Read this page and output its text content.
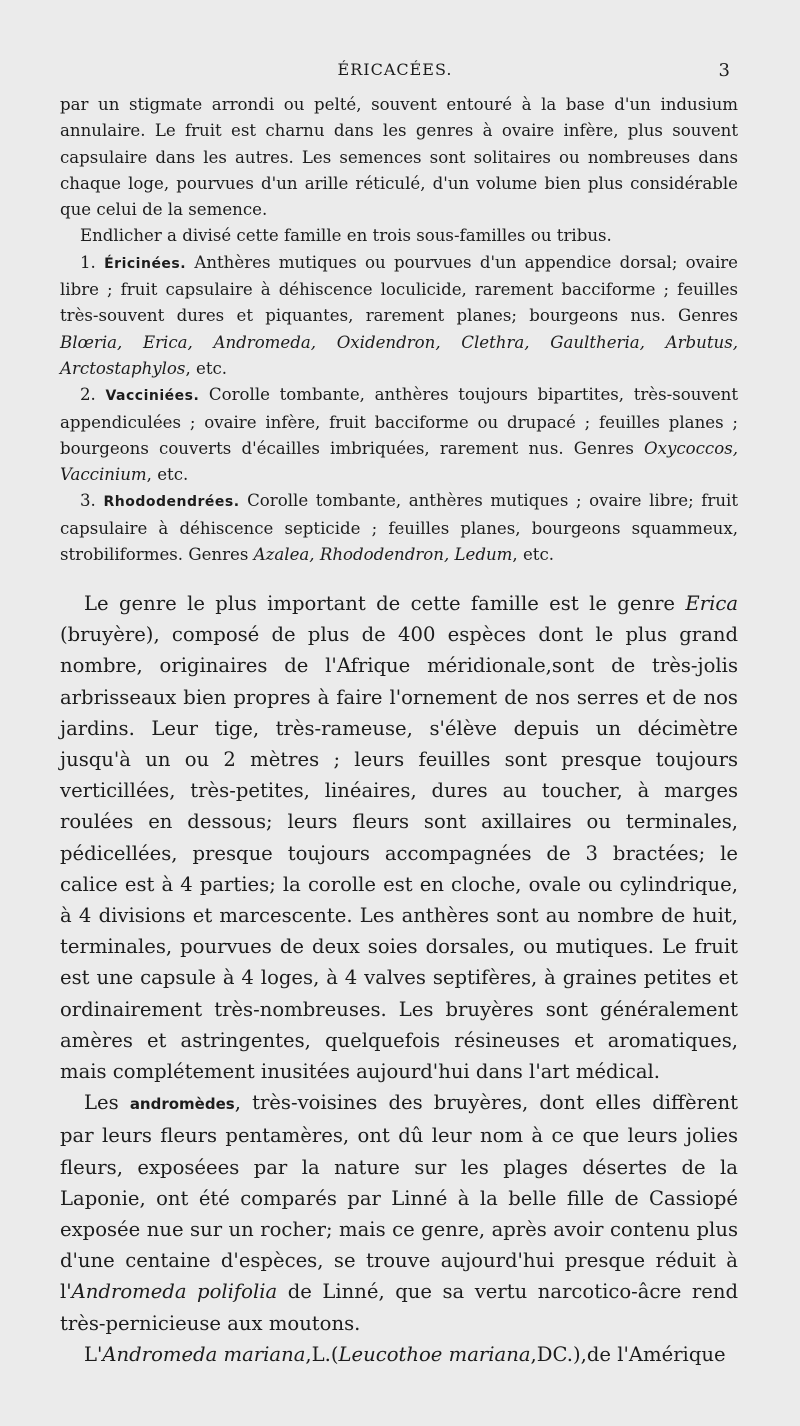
ÉRICACÉES.	3

par un stigmate arrondi ou pelté, souvent entouré à la base d'un indusium annulaire. Le fruit est charnu dans les genres à ovaire infère, plus souvent capsulaire dans les autres. Les semences sont solitaires ou nombreuses dans chaque loge, pourvues d'un arille réticulé, d'un volume bien plus considérable que celui de la semence.

Endlicher a divisé cette famille en trois sous-familles ou tribus.

1. Éricinées. Anthères mutiques ou pourvues d'un appendice dorsal; ovaire libre ; fruit capsulaire à déhiscence loculicide, rarement bacciforme ; feuilles très-souvent dures et piquantes, rarement planes; bourgeons nus. Genres Blœria, Erica, Andromeda, Oxidendron, Clethra, Gaultheria, Arbutus, Arctostaphylos, etc.

2. Vacciniées. Corolle tombante, anthères toujours bipartites, très-souvent appendiculées ; ovaire infère, fruit bacciforme ou drupacé ; feuilles planes ; bourgeons couverts d'écailles imbriquées, rarement nus. Genres Oxycoccos, Vaccinium, etc.

3. Rhododendrées. Corolle tombante, anthères mutiques ; ovaire libre; fruit capsulaire à déhiscence septicide ; feuilles planes, bourgeons squammeux, strobiliformes. Genres Azalea, Rhododendron, Ledum, etc.

Le genre le plus important de cette famille est le genre Erica (bruyère), composé de plus de 400 espèces dont le plus grand nombre, originaires de l'Afrique méridionale,sont de très-jolis arbrisseaux bien propres à faire l'ornement de nos serres et de nos jardins. Leur tige, très-rameuse, s'élève depuis un décimètre jusqu'à un ou 2 mètres ; leurs feuilles sont presque toujours verticillées, très-petites, linéaires, dures au toucher, à marges roulées en dessous; leurs fleurs sont axillaires ou terminales, pédicellées, presque toujours accompagnées de 3 bractées; le calice est à 4 parties; la corolle est en cloche, ovale ou cylindrique, à 4 divisions et marcescente. Les anthères sont au nombre de huit, terminales, pourvues de deux soies dorsales, ou mutiques. Le fruit est une capsule à 4 loges, à 4 valves septifères, à graines petites et ordinairement très-nombreuses. Les bruyères sont généralement amères et astringentes, quelquefois résineuses et aromatiques, mais complétement inusitées aujourd'hui dans l'art médical.

Les andromèdes, très-voisines des bruyères, dont elles diffèrent par leurs fleurs pentamères, ont dû leur nom à ce que leurs jolies fleurs, exposéees par la nature sur les plages désertes de la Laponie, ont été comparés par Linné à la belle fille de Cassiopé exposée nue sur un rocher; mais ce genre, après avoir contenu plus d'une centaine d'espèces, se trouve aujourd'hui presque réduit à l'Andromeda polifolia de Linné, que sa vertu narcotico-âcre rend très-pernicieuse aux moutons.

L'Andromeda mariana,L.(Leucothoe mariana,DC.),de l'Amérique
